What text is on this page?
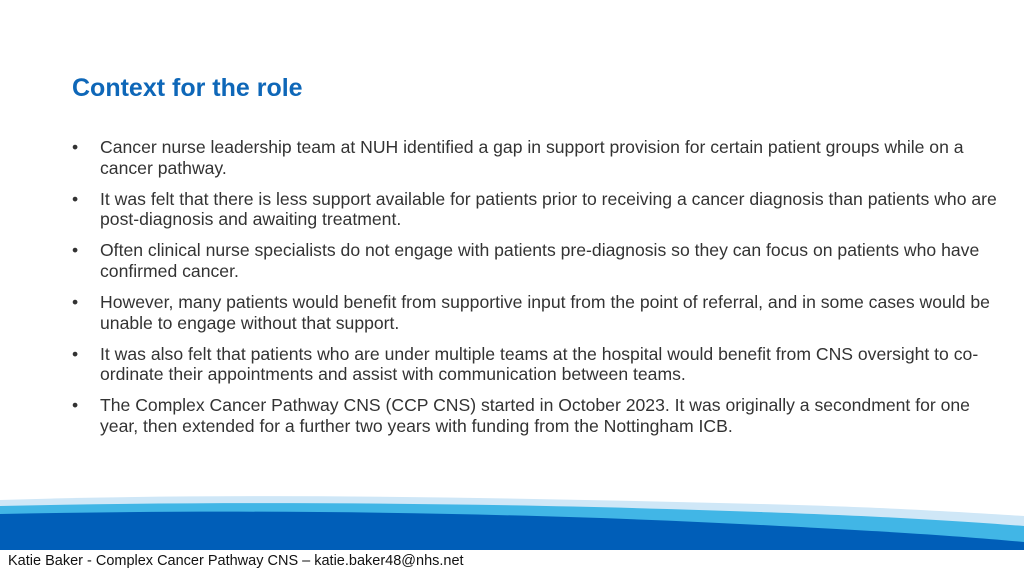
Context for the role
•	Cancer nurse leadership team at NUH identified a gap in support provision for certain patient groups while on a cancer pathway.
•	It was felt that there is less support available for patients prior to receiving a cancer diagnosis than patients who are post-diagnosis and awaiting treatment.
•	Often clinical nurse specialists do not engage with patients pre-diagnosis so they can focus on patients who have confirmed cancer.
•	However, many patients would benefit from supportive input from the point of referral, and in some cases would be unable to engage without that support.
•	It was also felt that patients who are under multiple teams at the hospital would benefit from CNS oversight to co-ordinate their appointments and assist with communication between teams.
•	The Complex Cancer Pathway CNS (CCP CNS) started in October 2023. It was originally a secondment for one year, then extended for a further two years with funding from the Nottingham ICB.
Katie Baker - Complex Cancer Pathway CNS – katie.baker48@nhs.net
